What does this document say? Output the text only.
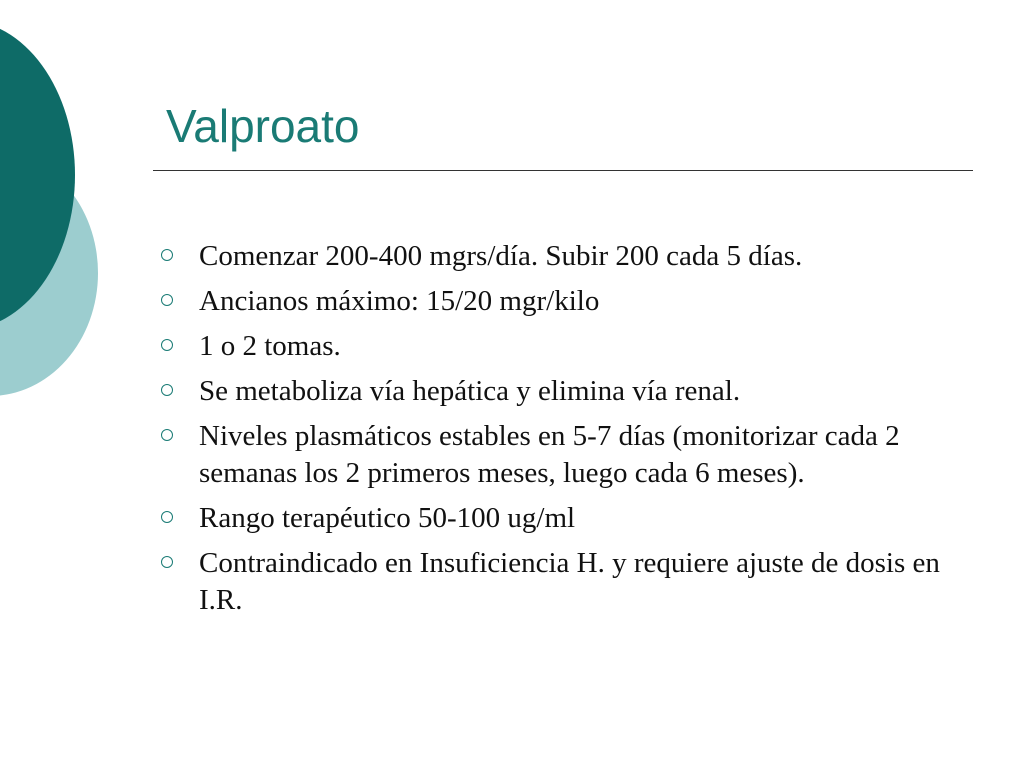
Valproato
Comenzar 200-400 mgrs/día. Subir 200 cada 5 días.
Ancianos máximo: 15/20 mgr/kilo
1 o 2 tomas.
Se metaboliza vía hepática y elimina vía renal.
Niveles plasmáticos estables en 5-7 días (monitorizar cada 2 semanas los 2 primeros meses, luego cada 6 meses).
Rango terapéutico 50-100 ug/ml
Contraindicado en Insuficiencia H. y requiere ajuste de dosis en I.R.
